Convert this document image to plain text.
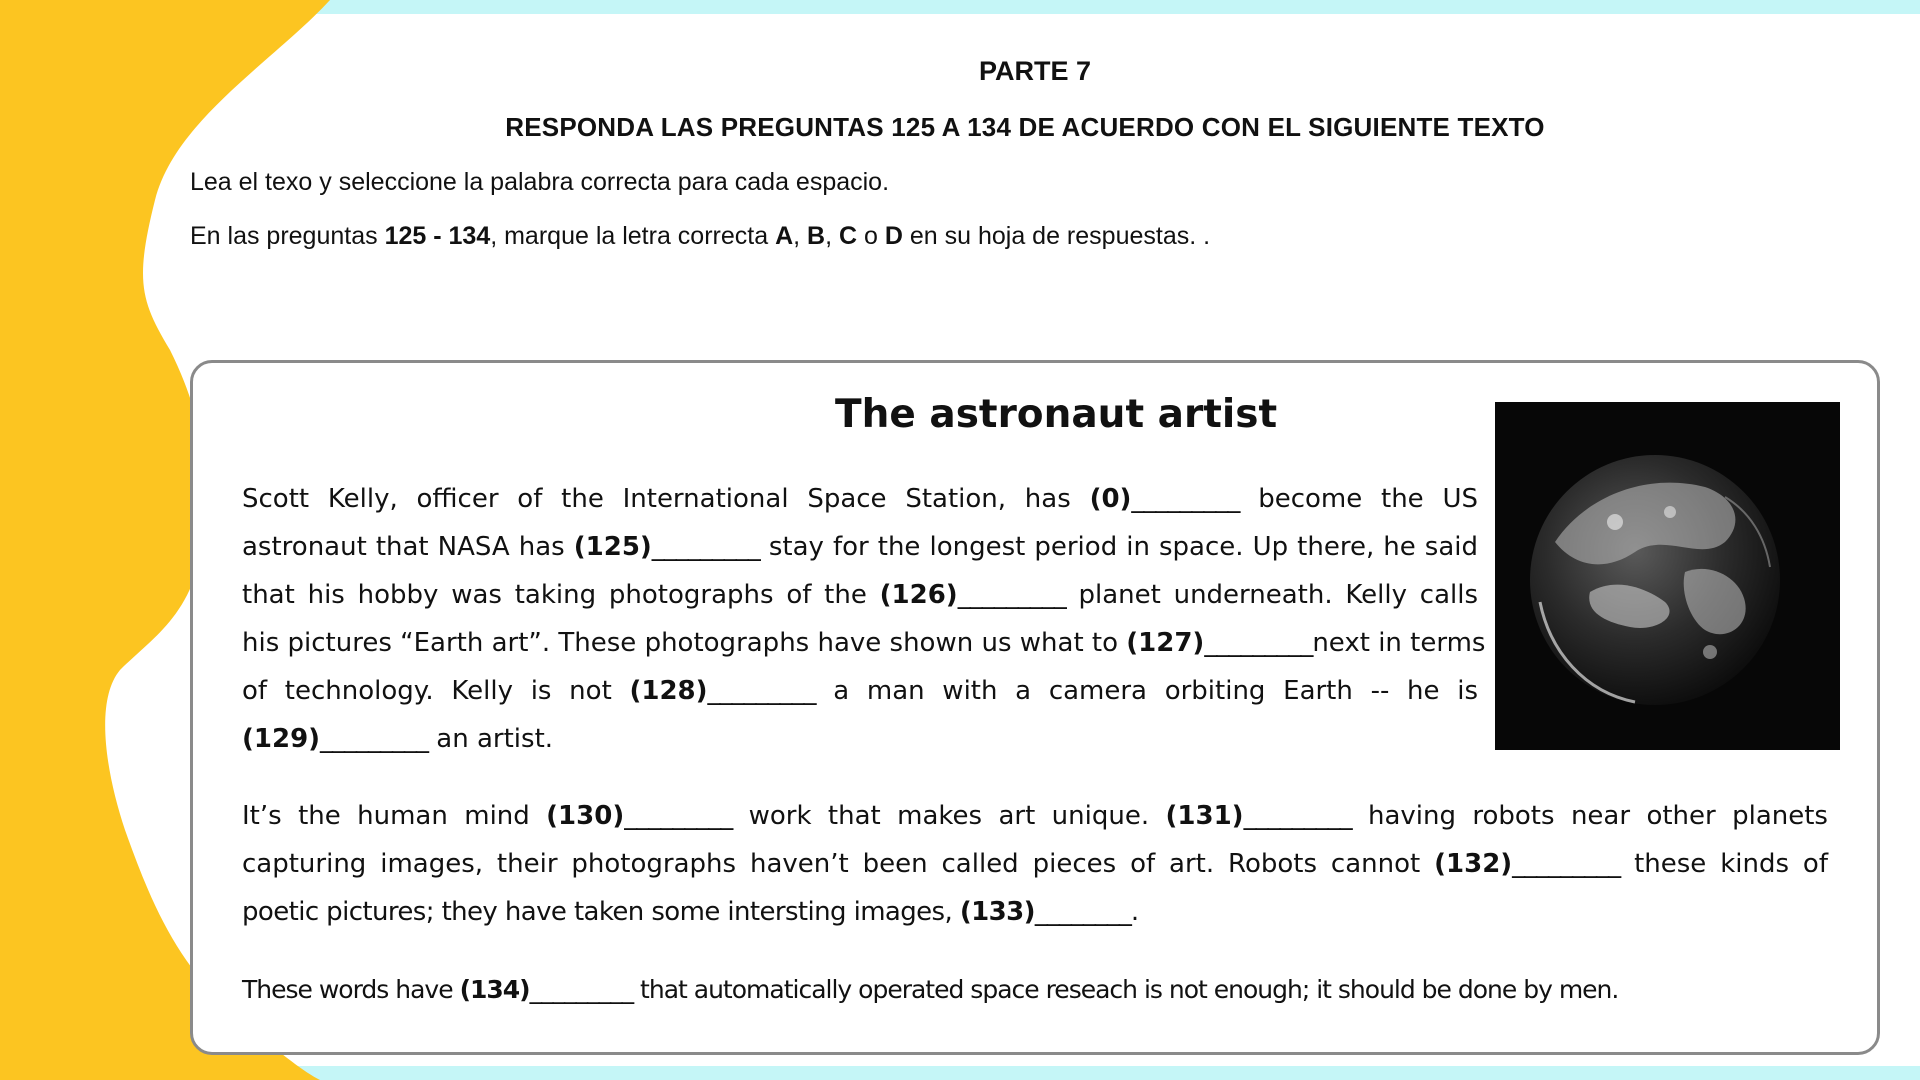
PARTE 7
RESPONDA LAS PREGUNTAS 125 A 134 DE ACUERDO CON EL SIGUIENTE TEXTO
Lea el texo y seleccione la palabra correcta para cada espacio.
En las preguntas 125 - 134, marque la letra correcta A, B, C o D en su hoja de respuestas. .
The astronaut artist
Scott Kelly, officer of the International Space Station, has (0)_________ become the US
astronaut that NASA has (125)_________ stay for the longest period in space. Up there, he said
that his hobby was taking photographs of the (126)_________ planet underneath. Kelly calls
his pictures “Earth art”. These photographs have shown us what to (127)_________next in terms
of technology. Kelly is not (128)_________ a man with a camera orbiting Earth -- he is
(129)_________ an artist.
It’s the human mind (130)_________ work that makes art unique. (131)_________ having robots near other planets
capturing images, their photographs haven’t been called pieces of art. Robots cannot (132)_________ these kinds of
poetic pictures; they have taken some intersting images, (133)________.
These words have (134)_________ that automatically operated space reseach is not enough; it should be done by men.
